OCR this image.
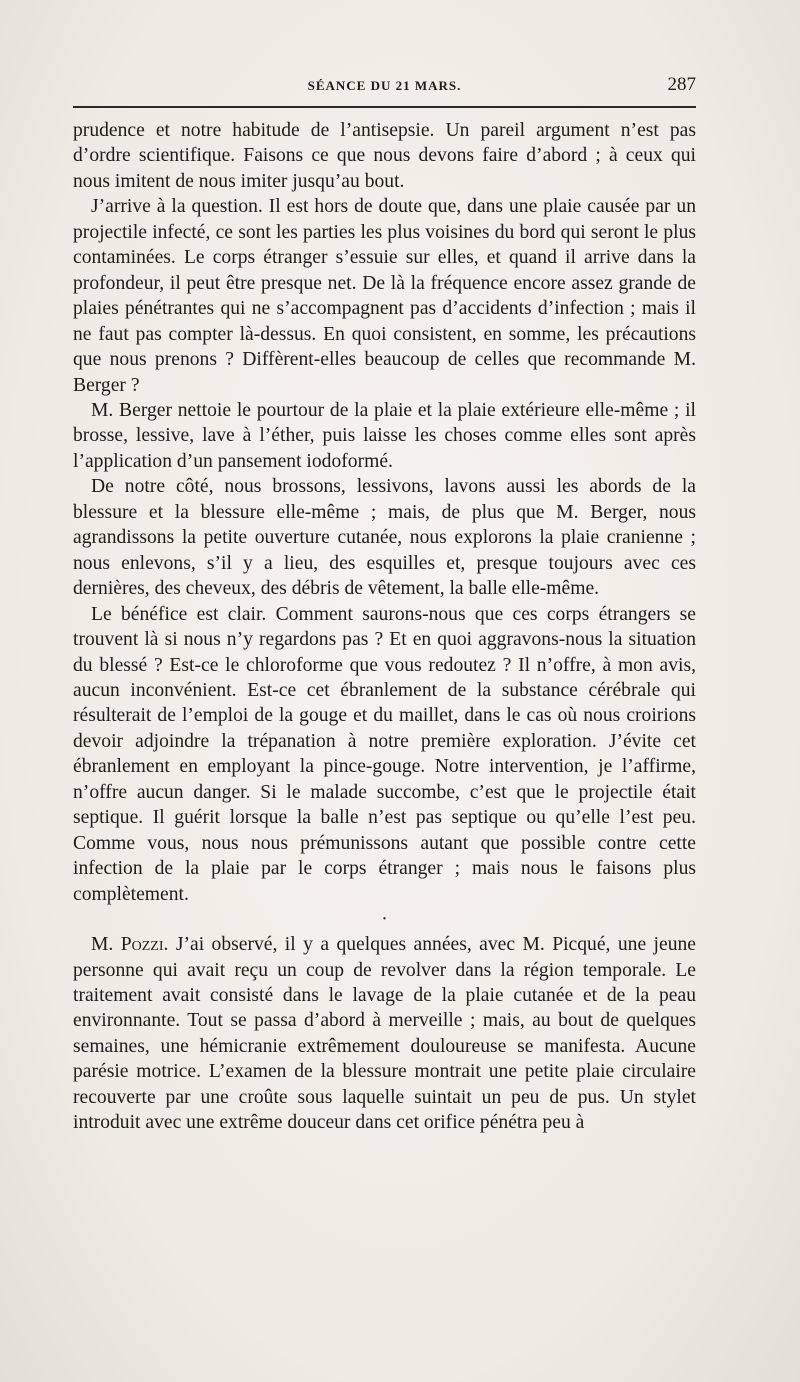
SÉANCE DU 21 MARS.	287

prudence et notre habitude de l’antisepsie. Un pareil argument n’est pas d’ordre scientifique. Faisons ce que nous devons faire d’abord ; à ceux qui nous imitent de nous imiter jusqu’au bout.

J’arrive à la question. Il est hors de doute que, dans une plaie causée par un projectile infecté, ce sont les parties les plus voisines du bord qui seront le plus contaminées. Le corps étranger s’essuie sur elles, et quand il arrive dans la profondeur, il peut être presque net. De là la fréquence encore assez grande de plaies pénétrantes qui ne s’accompagnent pas d’accidents d’infection ; mais il ne faut pas compter là-dessus. En quoi consistent, en somme, les précautions que nous prenons ? Diffèrent-elles beaucoup de celles que recommande M. Berger ?

M. Berger nettoie le pourtour de la plaie et la plaie extérieure elle-même ; il brosse, lessive, lave à l’éther, puis laisse les choses comme elles sont après l’application d’un pansement iodoformé.

De notre côté, nous brossons, lessivons, lavons aussi les abords de la blessure et la blessure elle-même ; mais, de plus que M. Berger, nous agrandissons la petite ouverture cutanée, nous explorons la plaie cranienne ; nous enlevons, s’il y a lieu, des esquilles et, presque toujours avec ces dernières, des cheveux, des débris de vêtement, la balle elle-même.

Le bénéfice est clair. Comment saurons-nous que ces corps étrangers se trouvent là si nous n’y regardons pas ? Et en quoi aggravons-nous la situation du blessé ? Est-ce le chloroforme que vous redoutez ? Il n’offre, à mon avis, aucun inconvénient. Est-ce cet ébranlement de la substance cérébrale qui résulterait de l’emploi de la gouge et du maillet, dans le cas où nous croirions devoir adjoindre la trépanation à notre première exploration. J’évite cet ébranlement en employant la pince-gouge. Notre intervention, je l’affirme, n’offre aucun danger. Si le malade succombe, c’est que le projectile était septique. Il guérit lorsque la balle n’est pas septique ou qu’elle l’est peu. Comme vous, nous nous prémunissons autant que possible contre cette infection de la plaie par le corps étranger ; mais nous le faisons plus complètement.

•

M. Pozzi. J’ai observé, il y a quelques années, avec M. Picqué, une jeune personne qui avait reçu un coup de revolver dans la région temporale. Le traitement avait consisté dans le lavage de la plaie cutanée et de la peau environnante. Tout se passa d’abord à merveille ; mais, au bout de quelques semaines, une hémicranie extrêmement douloureuse se manifesta. Aucune parésie motrice. L’examen de la blessure montrait une petite plaie circulaire recouverte par une croûte sous laquelle suintait un peu de pus. Un stylet introduit avec une extrême douceur dans cet orifice pénétra peu à
